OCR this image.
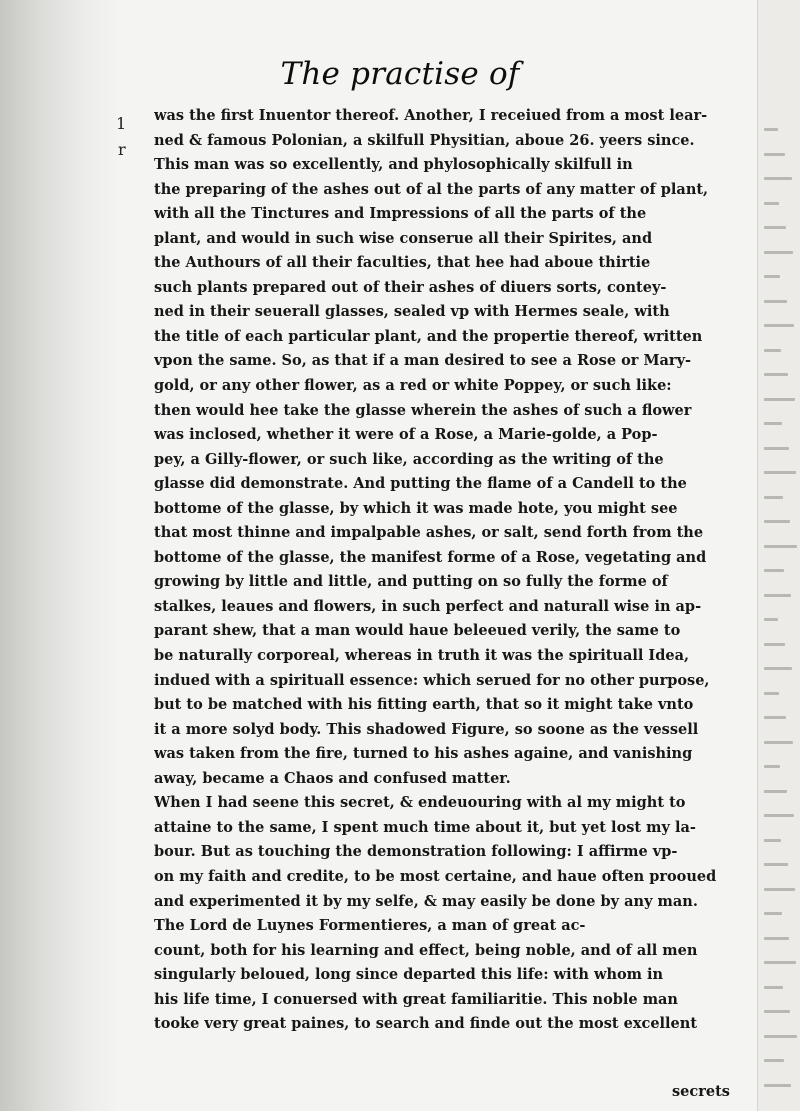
1
r
The practise of
was the first Inuentor thereof. Another, I receiued from a most lear-
ned & famous Polonian, a skilfull Physitian, aboue 26. yeers since.
This man was so excellently, and phylosophically skilfull in
the preparing of the ashes out of al the parts of any matter of plant,
with all the Tinctures and Impressions of all the parts of the
plant, and would in such wise conserue all their Spirites, and
the Authours of all their faculties, that hee had aboue thirtie
such plants prepared out of their ashes of diuers sorts, contey-
ned in their seuerall glasses, sealed vp with Hermes seale, with
the title of each particular plant, and the propertie thereof, written
vpon the same. So, as that if a man desired to see a Rose or Mary-
gold, or any other flower, as a red or white Poppey, or such like:
then would hee take the glasse wherein the ashes of such a flower
was inclosed, whether it were of a Rose, a Marie-golde, a Pop-
pey, a Gilly-flower, or such like, according as the writing of the
glasse did demonstrate. And putting the flame of a Candell to the
bottome of the glasse, by which it was made hote, you might see
that most thinne and impalpable ashes, or salt, send forth from the
bottome of the glasse, the manifest forme of a Rose, vegetating and
growing by little and little, and putting on so fully the forme of
stalkes, leaues and flowers, in such perfect and naturall wise in ap-
parant shew, that a man would haue beleeued verily, the same to
be naturally corporeal, whereas in truth it was the spirituall Idea,
indued with a spirituall essence: which serued for no other purpose,
but to be matched with his fitting earth, that so it might take vnto
it a more solyd body. This shadowed Figure, so soone as the vessell
was taken from the fire, turned to his ashes againe, and vanishing
away, became a Chaos and confused matter.
When I had seene this secret, & endeuouring with al my might to
attaine to the same, I spent much time about it, but yet lost my la-
bour. But as touching the demonstration following: I affirme vp-
on my faith and credite, to be most certaine, and haue often prooued
and experimented it by my selfe, & may easily be done by any man.
The Lord de Luynes Formentieres, a man of great ac-
count, both for his learning and effect, being noble, and of all men
singularly beloued, long since departed this life: with whom in
his life time, I conuersed with great familiaritie. This noble man
tooke very great paines, to search and finde out the most excellent
secrets
